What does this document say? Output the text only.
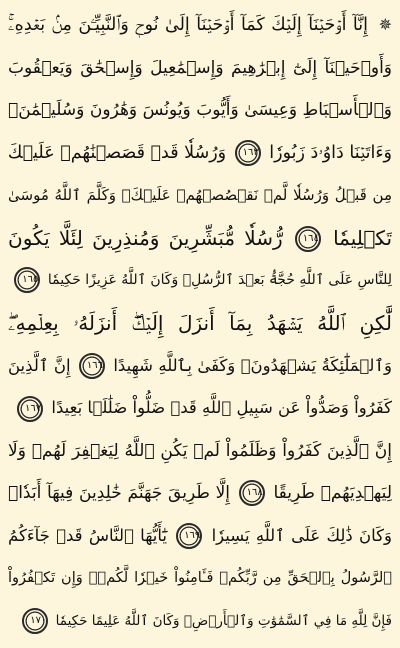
✵إِنَّآ أَوۡحَيۡنَآ إِلَيۡكَ كَمَآ أَوۡحَيۡنَآ إِلَىٰ نُوحٖ وَٱلنَّبِيِّـۧنَ مِنۢ بَعۡدِهِۦۚ
وَأَوۡحَيۡنَآ إِلَىٰٓ إِبۡرَٰهِيمَ وَإِسۡمَٰعِيلَ وَإِسۡحَٰقَ وَيَعۡقُوبَ
وَٱلۡأَسۡبَاطِ وَعِيسَىٰ وَأَيُّوبَ وَيُونُسَ وَهَٰرُونَ وَسُلَيۡمَٰنَۚ
وَءَاتَيۡنَا دَاوُۥدَ زَبُورٗا ١٦٣ وَرُسُلٗا قَدۡ قَصَصۡنَٰهُمۡ عَلَيۡكَ
مِن قَبۡلُ وَرُسُلٗا لَّمۡ نَقۡصُصۡهُمۡ عَلَيۡكَۚ وَكَلَّمَ ٱللَّهُ مُوسَىٰ
تَكۡلِيمٗا ١٦٤ رُّسُلٗا مُّبَشِّرِينَ وَمُنذِرِينَ لِئَلَّا يَكُونَ
لِلنَّاسِ عَلَى ٱللَّهِ حُجَّةُۢ بَعۡدَ ٱلرُّسُلِۚ وَكَانَ ٱللَّهُ عَزِيزًا حَكِيمٗا ١٦٥
لَّٰكِنِ ٱللَّهُ يَشۡهَدُ بِمَآ أَنزَلَ إِلَيۡكَۖ أَنزَلَهُۥ بِعِلۡمِهِۦۖ
وَٱلۡمَلَٰٓئِكَةُ يَشۡهَدُونَۚ وَكَفَىٰ بِٱللَّهِ شَهِيدًا ١٦٦ إِنَّ ٱلَّذِينَ
كَفَرُواْ وَصَدُّواْ عَن سَبِيلِ ٱللَّهِ قَدۡ ضَلُّواْ ضَلَٰلَۢا بَعِيدًا ١٦٧
إِنَّ ٱلَّذِينَ كَفَرُواْ وَظَلَمُواْ لَمۡ يَكُنِ ٱللَّهُ لِيَغۡفِرَ لَهُمۡ وَلَا
لِيَهۡدِيَهُمۡ طَرِيقًا ١٦٨ إِلَّا طَرِيقَ جَهَنَّمَ خَٰلِدِينَ فِيهَآ أَبَدٗاۚ
وَكَانَ ذَٰلِكَ عَلَى ٱللَّهِ يَسِيرٗا ١٦٩ يَٰٓأَيُّهَا ٱلنَّاسُ قَدۡ جَآءَكُمُ
ٱلرَّسُولُ بِٱلۡحَقِّ مِن رَّبِّكُمۡ فَـَٔامِنُواْ خَيۡرٗا لَّكُمۡۚ وَإِن تَكۡفُرُواْ
فَإِنَّ لِلَّهِ مَا فِي ٱلسَّمَٰوَٰتِ وَٱلۡأَرۡضِۚ وَكَانَ ٱللَّهُ عَلِيمًا حَكِيمٗا ١٧٠
